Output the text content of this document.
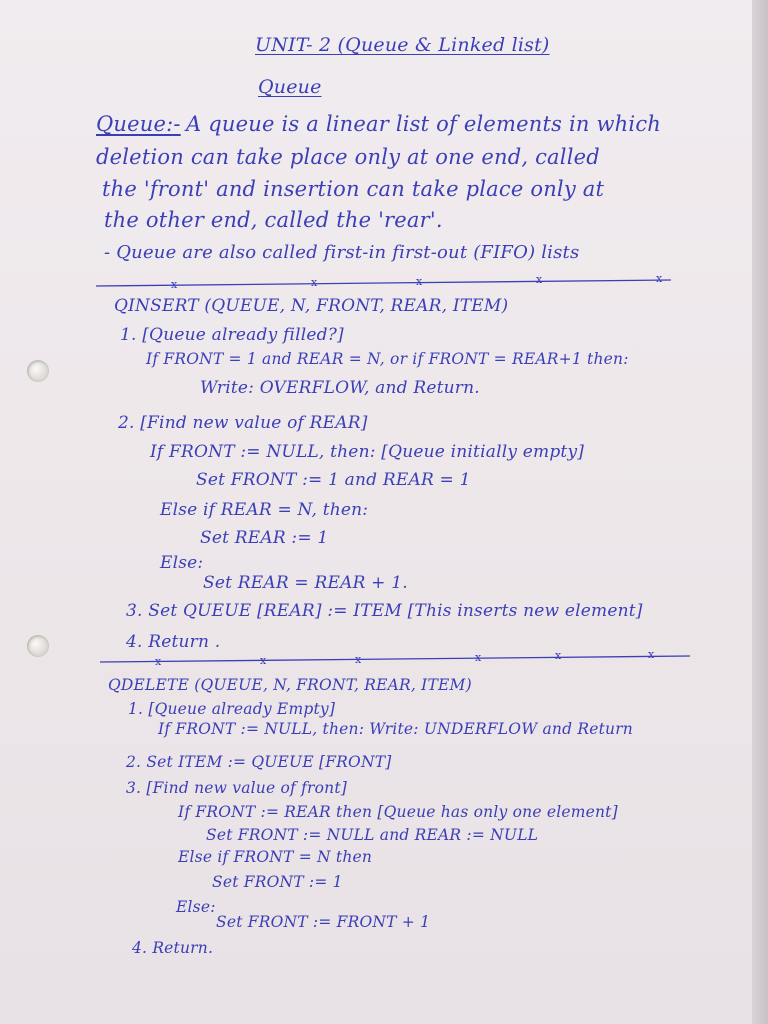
UNIT- 2 (Queue & Linked list)
Queue
Queue:- A queue is a linear list of elements in which
deletion can take place only at one end, called
the 'front' and insertion can take place only at
the other end, called the 'rear'.
- Queue are also called first-in first-out (FIFO) lists
x	x	x	x	x
QINSERT (QUEUE, N, FRONT, REAR, ITEM)
1. [Queue already filled?]
If FRONT = 1 and REAR = N, or if FRONT = REAR+1 then:
Write: OVERFLOW, and Return.
2. [Find new value of REAR]
If FRONT := NULL, then: [Queue initially empty]
Set FRONT := 1 and REAR = 1
Else if REAR = N, then:
Set REAR := 1
Else:
Set REAR = REAR + 1.
3. Set QUEUE [REAR] := ITEM [This inserts new element]
4. Return .
x	x	x	x	x	x
QDELETE (QUEUE, N, FRONT, REAR, ITEM)
1. [Queue already Empty]
If FRONT := NULL, then: Write: UNDERFLOW and Return
2. Set ITEM := QUEUE [FRONT]
3. [Find new value of front]
If FRONT := REAR then [Queue has only one element]
Set FRONT := NULL and REAR := NULL
Else if FRONT = N then
Set FRONT := 1
Else:
Set FRONT := FRONT + 1
4. Return.
